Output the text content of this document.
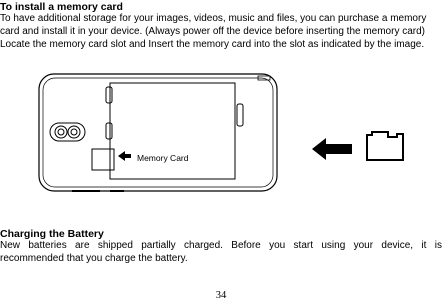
To install a memory card
To have additional storage for your images, videos, music and files, you can purchase a memory
card and install it in your device. (Always power off the device before inserting the memory card)
Locate the memory card slot and Insert the memory card into the slot as indicated by the image.
Memory Card
Charging the Battery
New batteries are shipped partially charged. Before you start using your device, it is
recommended that you charge the battery.
34
